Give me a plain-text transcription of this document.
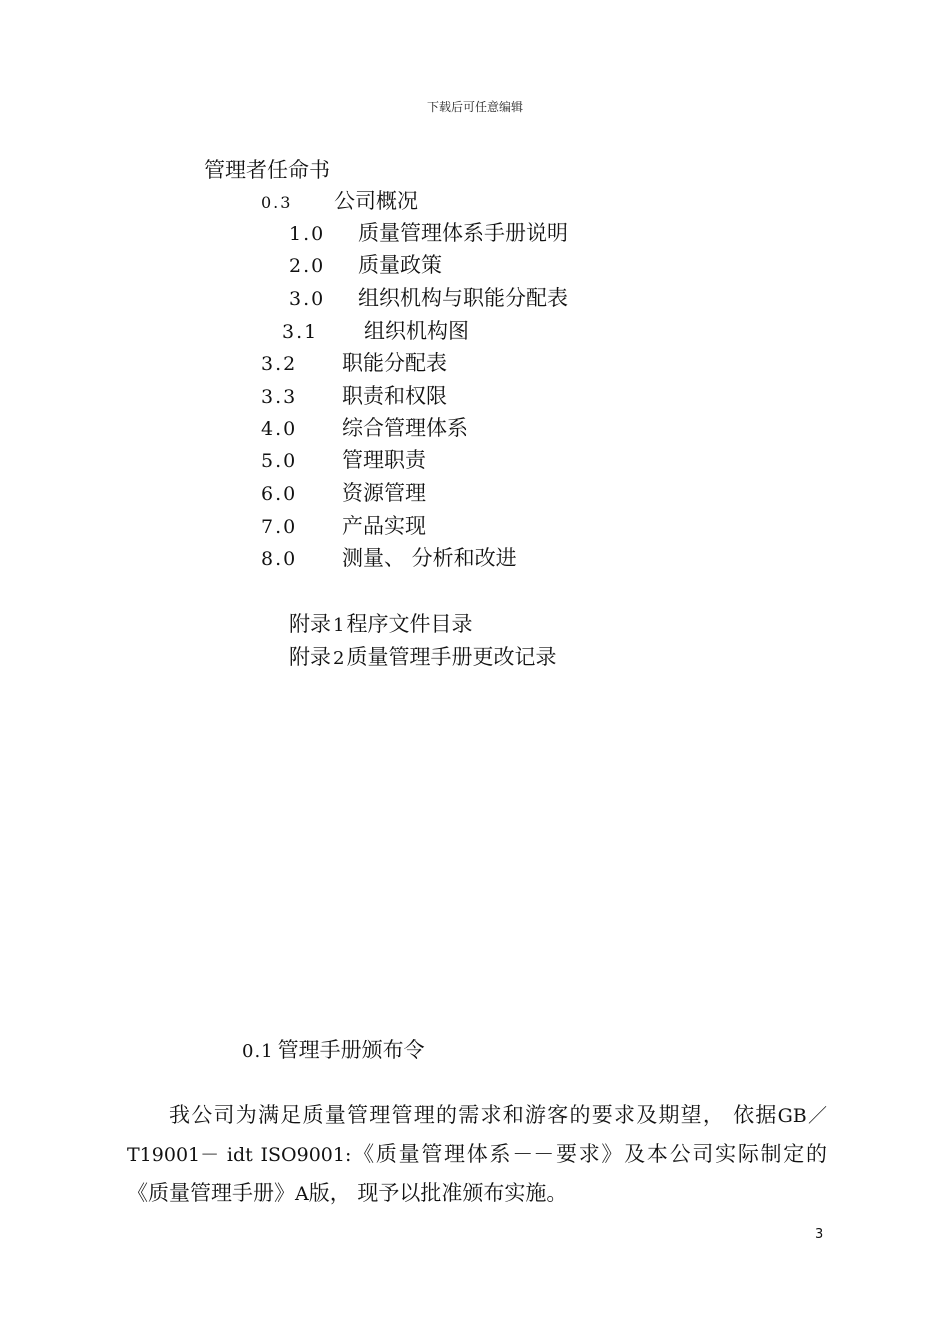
下载后可任意编辑
管理者任命书
0.3 公司概况
1.0 质量管理体系手册说明
2.0 质量政策
3.0 组织机构与职能分配表
3.1 组织机构图
3.2 职能分配表
3.3 职责和权限
4.0 综合管理体系
5.0 管理职责
6.0 资源管理
7.0 产品实现
8.0 测量、 分析和改进
附录 1程序文件目录
附录 2质量管理手册更改记录
0.1 管理手册颁布令
我公司为满足质量管理管理的需求和游客的要求及期望， 依据GB／T19001－ idt ISO9001:《质量管理体系－－要求》及本公司实际制定的《质量管理手册》A版， 现予以批准颁布实施。
3
